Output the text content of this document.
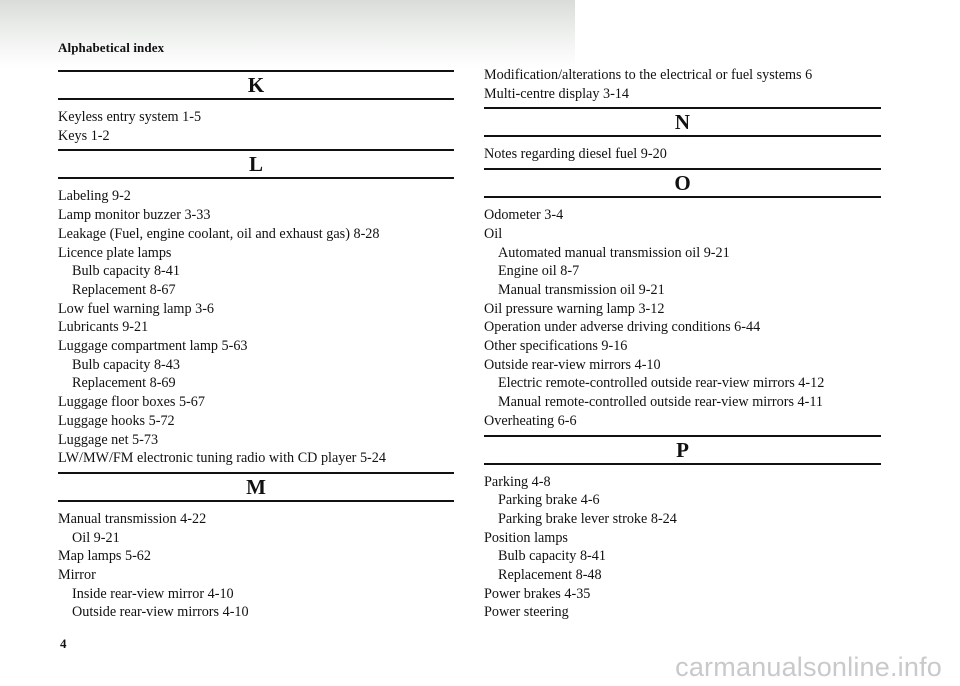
Alphabetical index
K
Keyless entry system 1-5
Keys 1-2
L
Labeling 9-2
Lamp monitor buzzer 3-33
Leakage (Fuel, engine coolant, oil and exhaust gas) 8-28
Licence plate lamps
Bulb capacity 8-41
Replacement 8-67
Low fuel warning lamp 3-6
Lubricants 9-21
Luggage compartment lamp 5-63
Bulb capacity 8-43
Replacement 8-69
Luggage floor boxes 5-67
Luggage hooks 5-72
Luggage net 5-73
LW/MW/FM electronic tuning radio with CD player 5-24
M
Manual transmission 4-22
Oil 9-21
Map lamps 5-62
Mirror
Inside rear-view mirror 4-10
Outside rear-view mirrors 4-10
Modification/alterations to the electrical or fuel systems 6
Multi-centre display 3-14
N
Notes regarding diesel fuel 9-20
O
Odometer 3-4
Oil
Automated manual transmission oil 9-21
Engine oil 8-7
Manual transmission oil 9-21
Oil pressure warning lamp 3-12
Operation under adverse driving conditions 6-44
Other specifications 9-16
Outside rear-view mirrors 4-10
Electric remote-controlled outside rear-view mirrors 4-12
Manual remote-controlled outside rear-view mirrors 4-11
Overheating 6-6
P
Parking 4-8
Parking brake 4-6
Parking brake lever stroke 8-24
Position lamps
Bulb capacity 8-41
Replacement 8-48
Power brakes 4-35
Power steering
4
carmanualsonline.info
